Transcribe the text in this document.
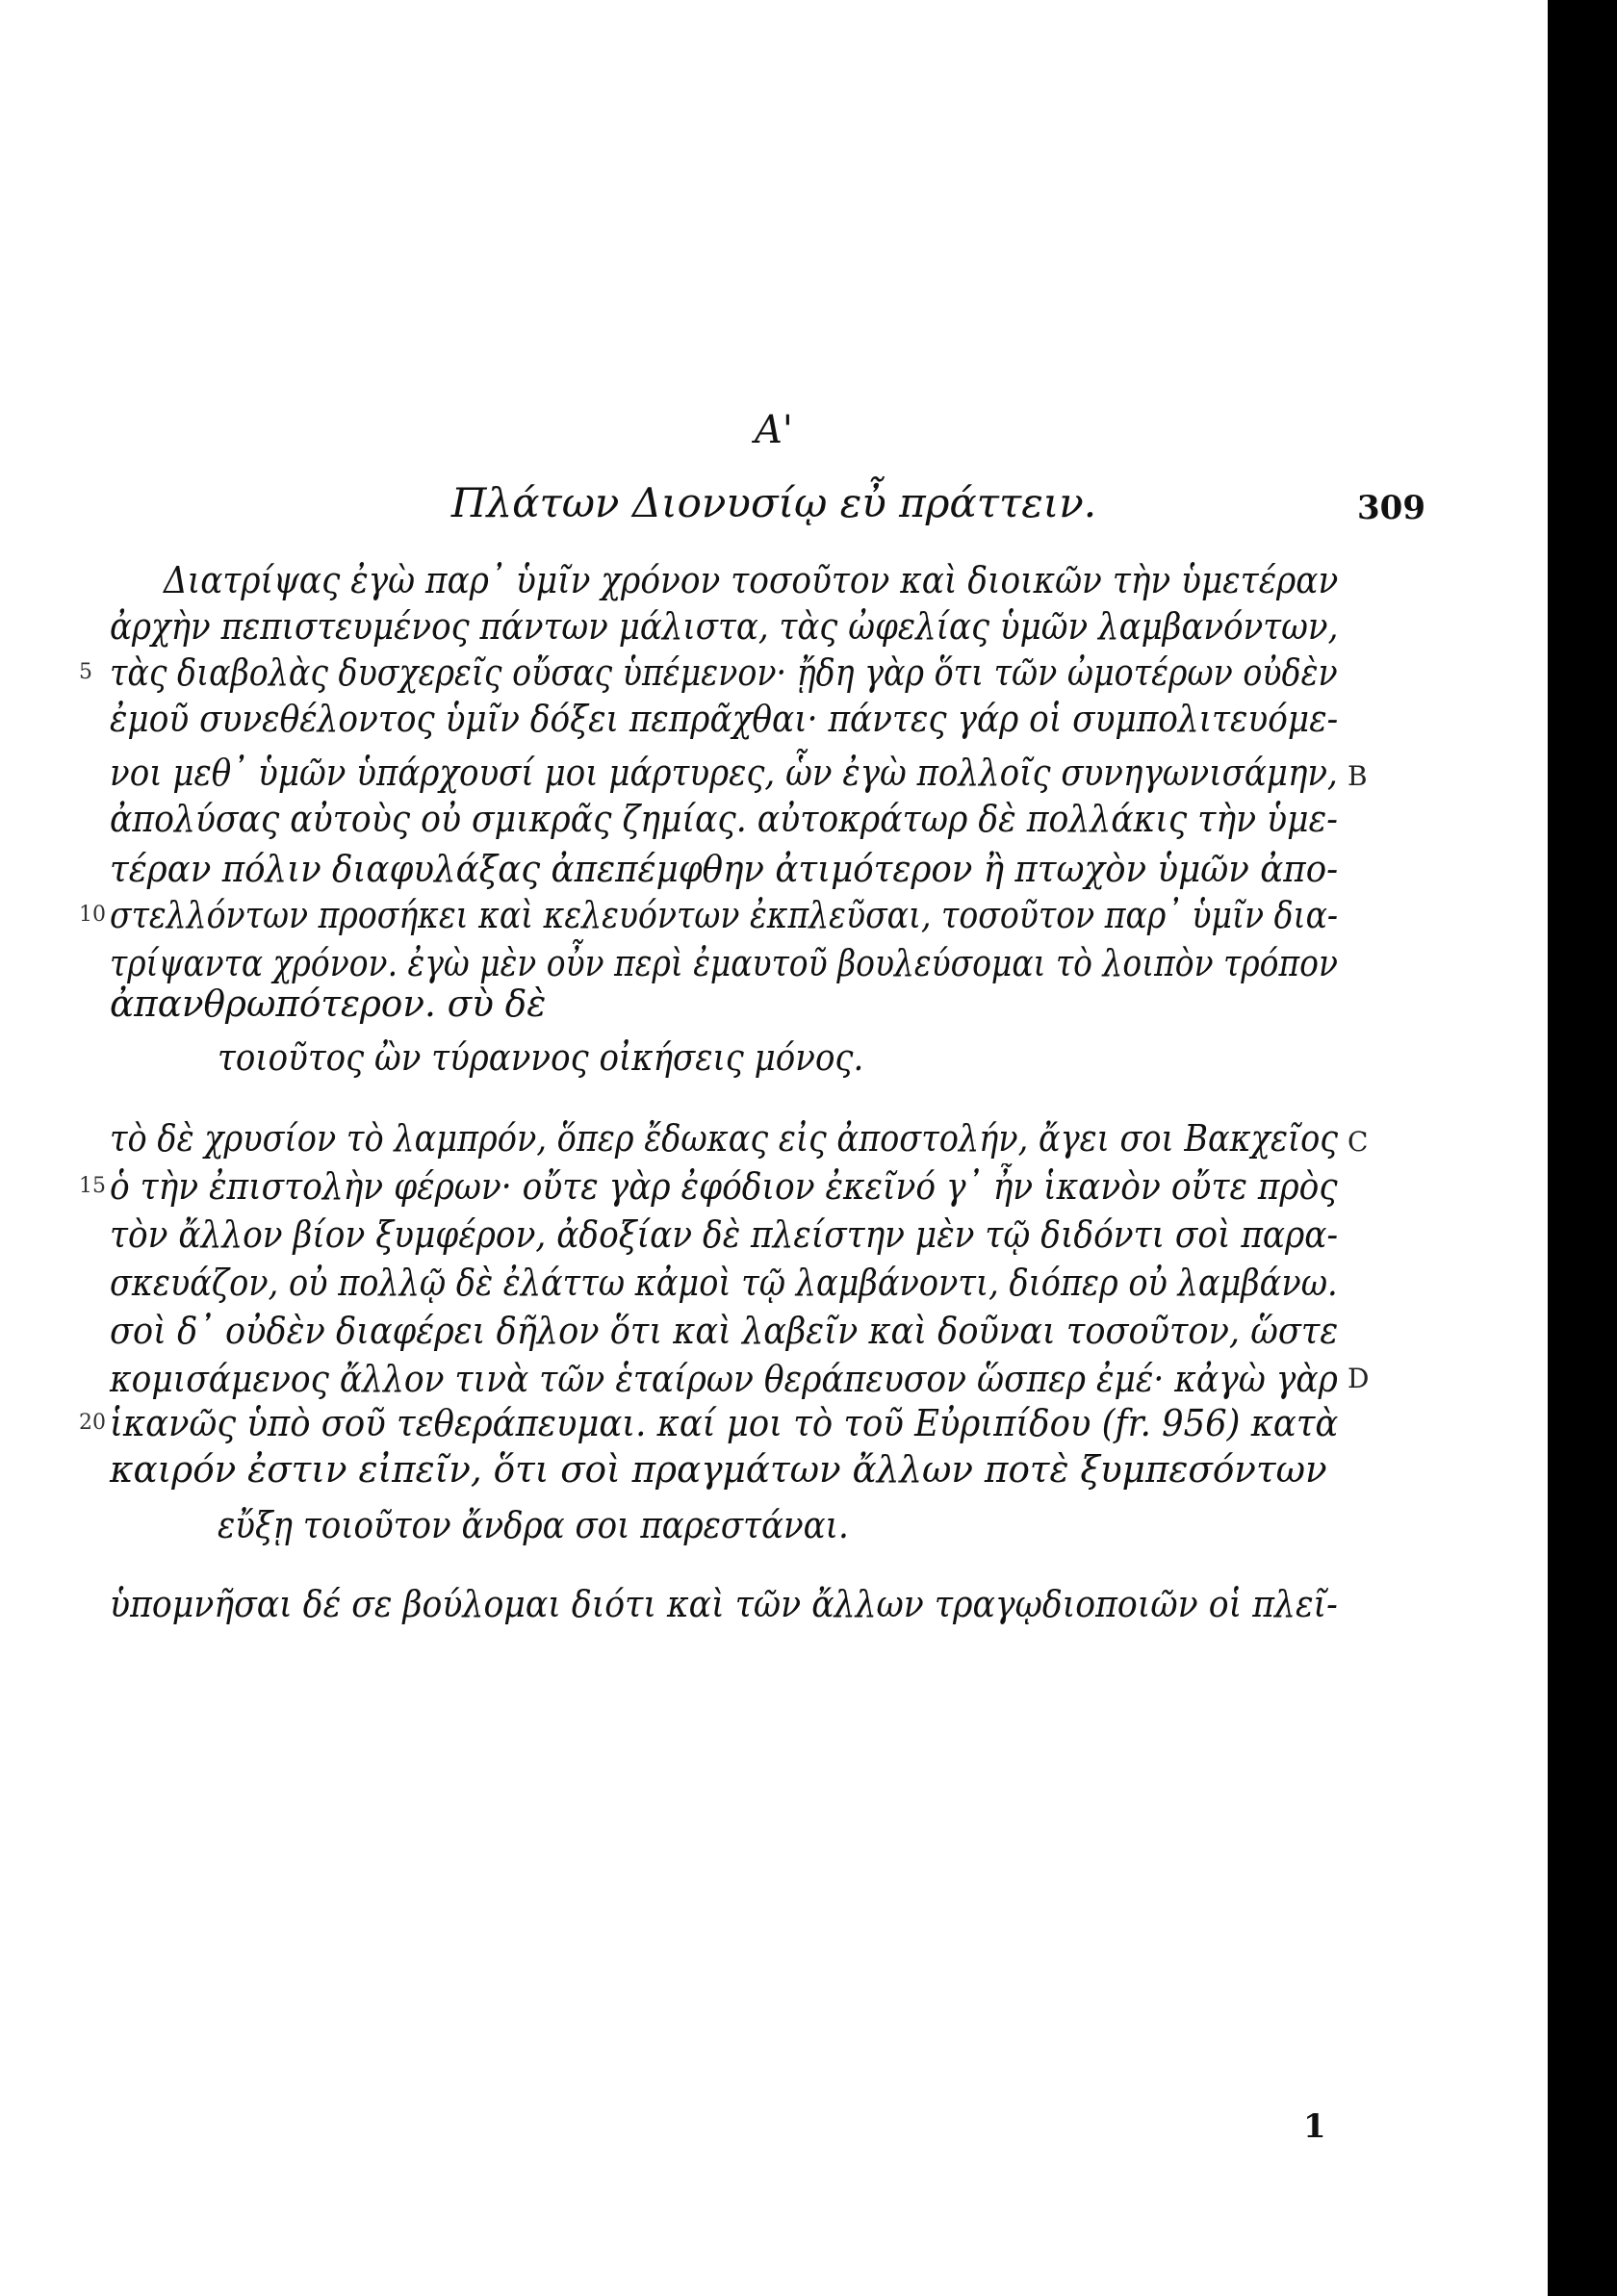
Α'
Πλάτων Διονυσίῳ εὖ πράττειν.	309
Διατρίψας ἐγὼ παρ᾽ ὑμῖν χρόνον τοσοῦτον καὶ διοικῶν τὴν ὑμετέραν
ἀρχὴν πεπιστευμένος πάντων μάλιστα, τὰς ὠφελίας ὑμῶν λαμβανόντων,
5 τὰς διαβολὰς δυσχερεῖς οὔσας ὑπέμενον· ᾔδη γὰρ ὅτι τῶν ὠμοτέρων οὐδὲν
ἐμοῦ συνεθέλοντος ὑμῖν δόξει πεπρᾶχθαι· πάντες γάρ οἱ συμπολιτευόμε-
νοι μεθ᾽ ὑμῶν ὑπάρχουσί μοι μάρτυρες, ὧν ἐγὼ πολλοῖς συνηγωνισάμην, B
ἀπολύσας αὐτοὺς οὐ σμικρᾶς ζημίας. αὐτοκράτωρ δὲ πολλάκις τὴν ὑμε-
τέραν πόλιν διαφυλάξας ἀπεπέμφθην ἀτιμότερον ἢ πτωχὸν ὑμῶν ἀπο-
10 στελλόντων προσήκει καὶ κελευόντων ἐκπλεῦσαι, τοσοῦτον παρ᾽ ὑμῖν δια-
τρίψαντα χρόνον. ἐγὼ μὲν οὖν περὶ ἐμαυτοῦ βουλεύσομαι τὸ λοιπὸν τρόπον
ἀπανθρωπότερον. σὺ δὲ
τοιοῦτος ὢν τύραννος οἰκήσεις μόνος.
τὸ δὲ χρυσίον τὸ λαμπρόν, ὅπερ ἔδωκας εἰς ἀποστολήν, ἄγει σοι Βακχεῖος C
15 ὁ τὴν ἐπιστολὴν φέρων· οὔτε γὰρ ἐφόδιον ἐκεῖνό γ᾽ ἦν ἱκανὸν οὔτε πρὸς
τὸν ἄλλον βίον ξυμφέρον, ἀδοξίαν δὲ πλείστην μὲν τῷ διδόντι σοὶ παρα-
σκευάζον, οὐ πολλῷ δὲ ἐλάττω κἀμοὶ τῷ λαμβάνοντι, διόπερ οὐ λαμβάνω.
σοὶ δ᾽ οὐδὲν διαφέρει δῆλον ὅτι καὶ λαβεῖν καὶ δοῦναι τοσοῦτον, ὥστε
κομισάμενος ἄλλον τινὰ τῶν ἑταίρων θεράπευσον ὥσπερ ἐμέ· κἀγὼ γὰρ D
20 ἱκανῶς ὑπὸ σοῦ τεθεράπευμαι. καί μοι τὸ τοῦ Εὐριπίδου (fr. 956) κατὰ
καιρόν ἐστιν εἰπεῖν, ὅτι σοὶ πραγμάτων ἄλλων ποτὲ ξυμπεσόντων
εὔξῃ τοιοῦτον ἄνδρα σοι παρεστάναι.
ὑπομνῆσαι δέ σε βούλομαι διότι καὶ τῶν ἄλλων τραγῳδιοποιῶν οἱ πλεῖ-
1
